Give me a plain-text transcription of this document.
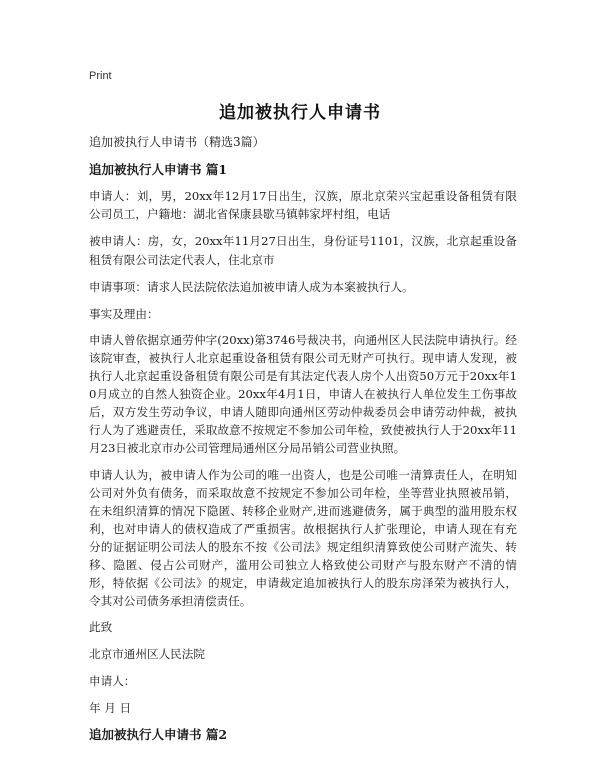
Print
追加被执行人申请书

追加被执行人申请书（精选3篇）

追加被执行人申请书 篇1

申请人：刘，男，20xx年12月17日出生，汉族，原北京荣兴宝起重设备租赁有限公司员工，户籍地：湖北省保康县歇马镇韩家坪村组，电话

被申请人：房，女，20xx年11月27日出生，身份证号1101，汉族，北京起重设备租赁有限公司法定代表人，住北京市

申请事项：请求人民法院依法追加被申请人成为本案被执行人。

事实及理由：

申请人曾依据京通劳仲字(20xx)第3746号裁决书，向通州区人民法院申请执行。经该院审查，被执行人北京起重设备租赁有限公司无财产可执行。现申请人发现，被执行人北京起重设备租赁有限公司是有其法定代表人房个人出资50万元于20xx年10月成立的自然人独资企业。20xx年4月1日，申请人在被执行人单位发生工伤事故后，双方发生劳动争议，申请人随即向通州区劳动仲裁委员会申请劳动仲裁，被执行人为了逃避责任，采取故意不按规定不参加公司年检，致使被执行人于20xx年11月23日被北京市办公司管理局通州区分局吊销公司营业执照。

申请人认为，被申请人作为公司的唯一出资人，也是公司唯一清算责任人，在明知公司对外负有债务，而采取故意不按规定不参加公司年检，坐等营业执照被吊销，在未组织清算的情况下隐匿、转移企业财产,进而逃避债务，属于典型的滥用股东权利，也对申请人的债权造成了严重损害。故根据执行人扩张理论，申请人现在有充分的证据证明公司法人的股东不按《公司法》规定组织清算致使公司财产流失、转移、隐匿、侵占公司财产，滥用公司独立人格致使公司财产与股东财产不清的情形，特依据《公司法》的规定，申请裁定追加被执行人的股东房泽荣为被执行人，令其对公司债务承担清偿责任。

此致

北京市通州区人民法院

申请人：

年 月 日

追加被执行人申请书 篇2
